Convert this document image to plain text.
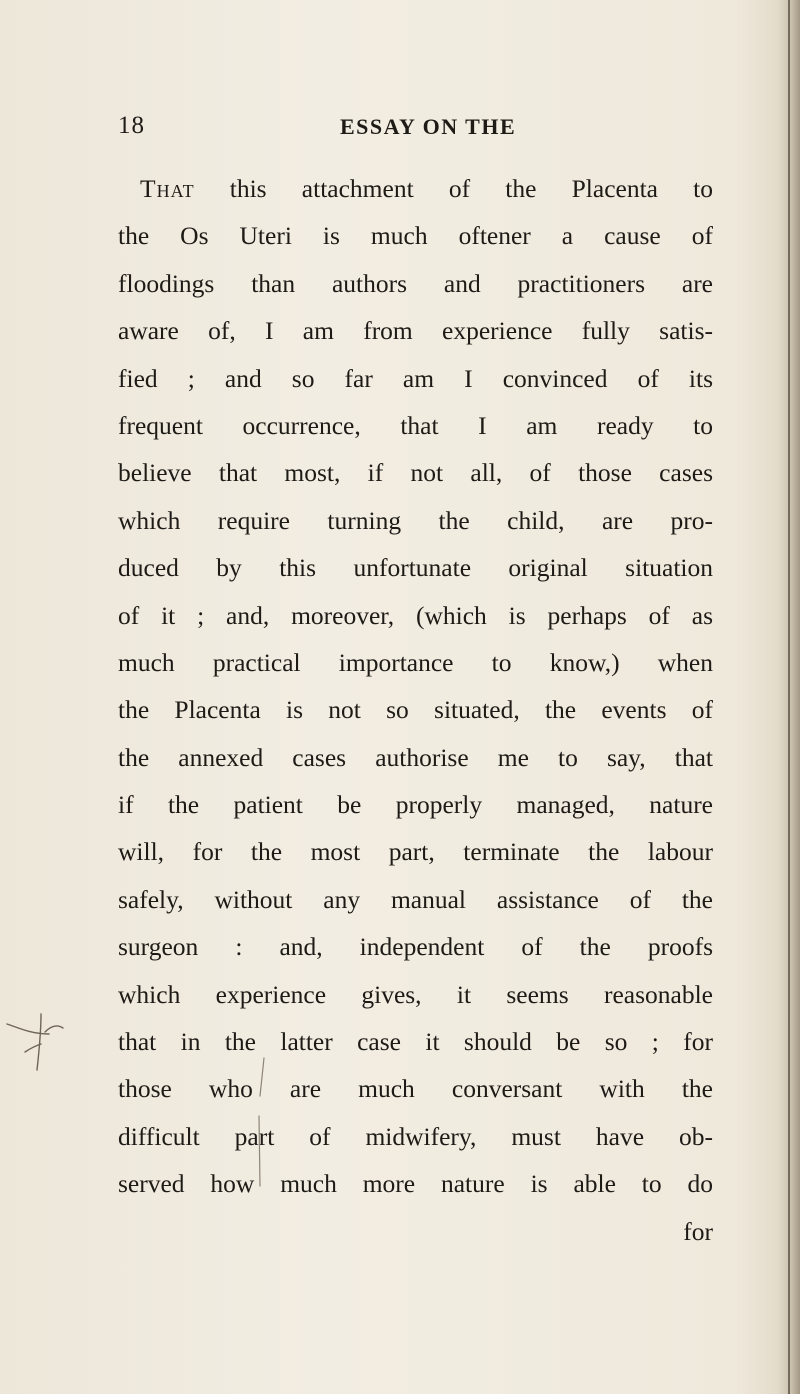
18	ESSAY ON THE
That this attachment of the Placenta to
the Os Uteri is much oftener a cause of
floodings than authors and practitioners are
aware of, I am from experience fully satis-
fied ; and so far am I convinced of its
frequent occurrence, that I am ready to
believe that most, if not all, of those cases
which require turning the child, are pro-
duced by this unfortunate original situation
of it ; and, moreover, (which is perhaps of as
much practical importance to know,) when
the Placenta is not so situated, the events of
the annexed cases authorise me to say, that
if the patient be properly managed, nature
will, for the most part, terminate the labour
safely, without any manual assistance of the
surgeon : and, independent of the proofs
which experience gives, it seems reasonable
that in the latter case it should be so ; for
those who are much conversant with the
difficult part of midwifery, must have ob-
served how much more nature is able to do
for
